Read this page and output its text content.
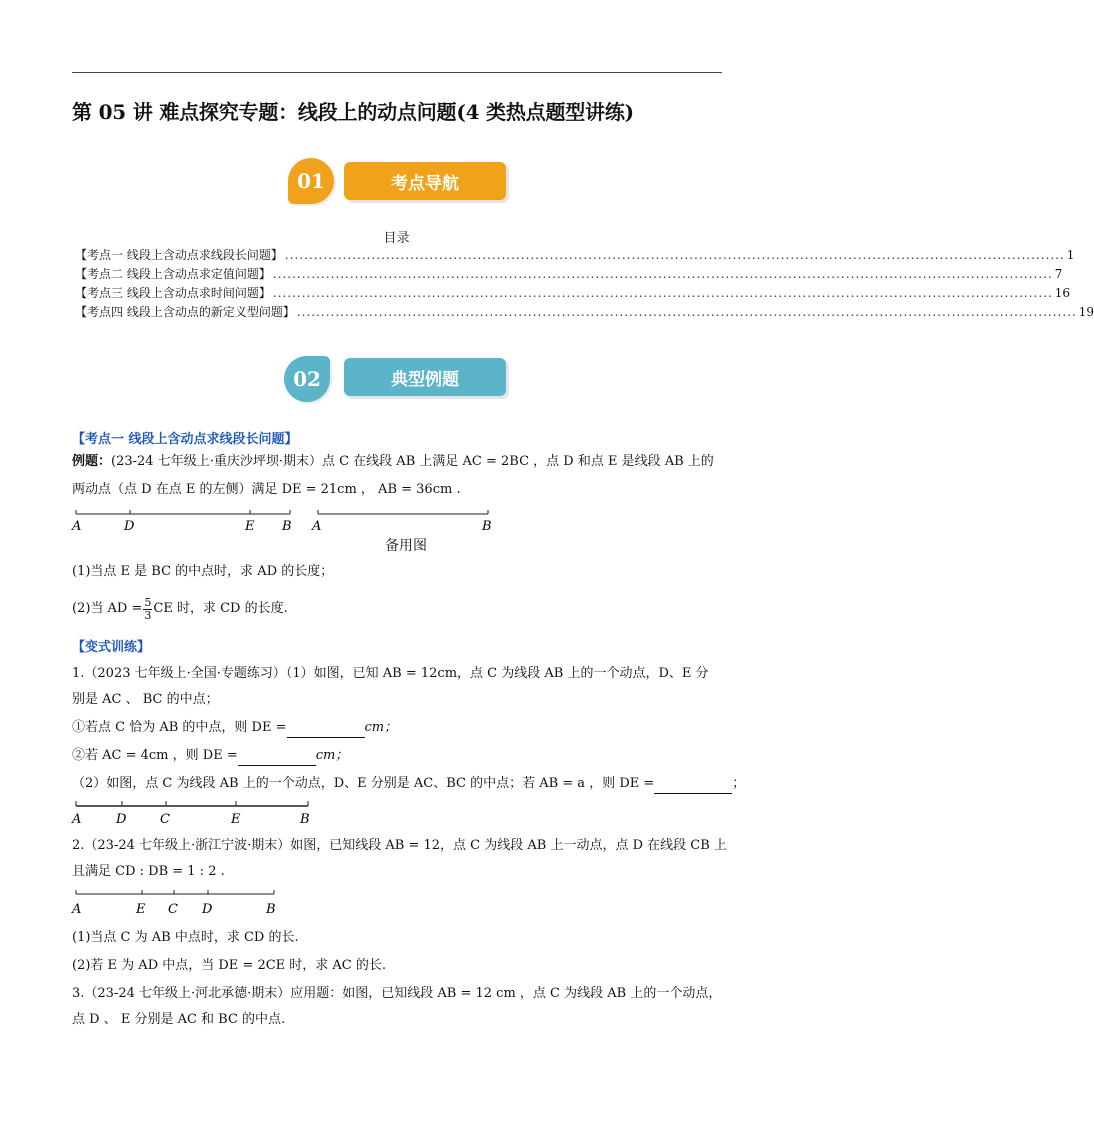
第 05 讲 难点探究专题：线段上的动点问题(4 类热点题型讲练)
考点导航
01
目录
【考点一 线段上含动点求线段长问题】 .................................................................................................................................................................. 1
【考点二 线段上含动点求定值问题】 .................................................................................................................................................................. 7
【考点三 线段上含动点求时间问题】 .................................................................................................................................................................. 16
【考点四 线段上含动点的新定义型问题】 .................................................................................................................................................................. 19
典型例题
02
【考点一 线段上含动点求线段长问题】
例题：(23-24 七年级上·重庆沙坪坝·期末）点 C 在线段 AB 上满足 AC = 2BC ，点 D 和点 E 是线段 AB 上的
两动点（点 D 在点 E 的左侧）满足 DE = 21cm ， AB = 36cm .
A	D	E B A	B
备用图
(1)当点 E 是 BC 的中点时，求 AD 的长度；
(2)当 AD = $\frac{5}{3}$ CE 时，求 CD 的长度.
【变式训练】
1.（2023 七年级上·全国·专题练习）（1）如图，已知 AB = 12cm，点 C 为线段 AB 上的一个动点，D、E 分
别是 AC 、 BC 的中点；
①若点 C 恰为 AB 的中点，则 DE =	cm；
②若 AC = 4cm ，则 DE =	cm；
（2）如图，点 C 为线段 AB 上的一个动点，D、E 分别是 AC、BC 的中点；若 AB = a ，则 DE =	；
A	D	C	E	B
2.（23-24 七年级上·浙江宁波·期末）如图，已知线段 AB = 12，点 C 为线段 AB 上一动点，点 D 在线段 CB 上
且满足 CD : DB = 1 : 2 .
A	E C D	B
(1)当点 C 为 AB 中点时，求 CD 的长.
(2)若 E 为 AD 中点，当 DE = 2CE 时，求 AC 的长.
3.（23-24 七年级上·河北承德·期末）应用题：如图，已知线段 AB = 12 cm ，点 C 为线段 AB 上的一个动点，
点 D 、 E 分别是 AC 和 BC 的中点.
